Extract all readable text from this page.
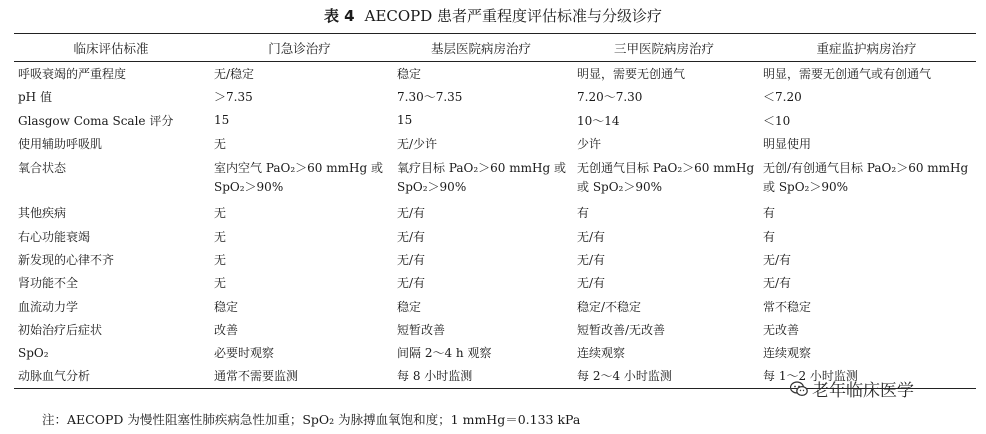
表 4 AECOPD 患者严重程度评估标准与分级诊疗
临床评估标准	门急诊治疗	基层医院病房治疗	三甲医院病房治疗	重症监护病房治疗
呼吸衰竭的严重程度	无/稳定	稳定	明显，需要无创通气	明显，需要无创通气或有创通气
pH 值	＞7.35	7.30～7.35	7.20～7.30	＜7.20
Glasgow Coma Scale 评分	15	15	10～14	＜10
使用辅助呼吸肌	无	无/少许	少许	明显使用
氧合状态	室内空气 PaO₂＞60 mmHg 或 SpO₂＞90%	氧疗目标 PaO₂＞60 mmHg 或 SpO₂＞90%	无创通气目标 PaO₂＞60 mmHg或 SpO₂＞90%	无创/有创通气目标 PaO₂＞60 mmHg或 SpO₂＞90%
其他疾病	无	无/有	有	有
右心功能衰竭	无	无/有	无/有	有
新发现的心律不齐	无	无/有	无/有	无/有
肾功能不全	无	无/有	无/有	无/有
血流动力学	稳定	稳定	稳定/不稳定	常不稳定
初始治疗后症状	改善	短暂改善	短暂改善/无改善	无改善
SpO₂	必要时观察	间隔 2～4 h 观察	连续观察	连续观察
动脉血气分析	通常不需要监测	每 8 小时监测	每 2～4 小时监测	每 1～2 小时监测
注：AECOPD 为慢性阻塞性肺疾病急性加重；SpO₂ 为脉搏血氧饱和度；1 mmHg＝0.133 kPa
老年临床医学
